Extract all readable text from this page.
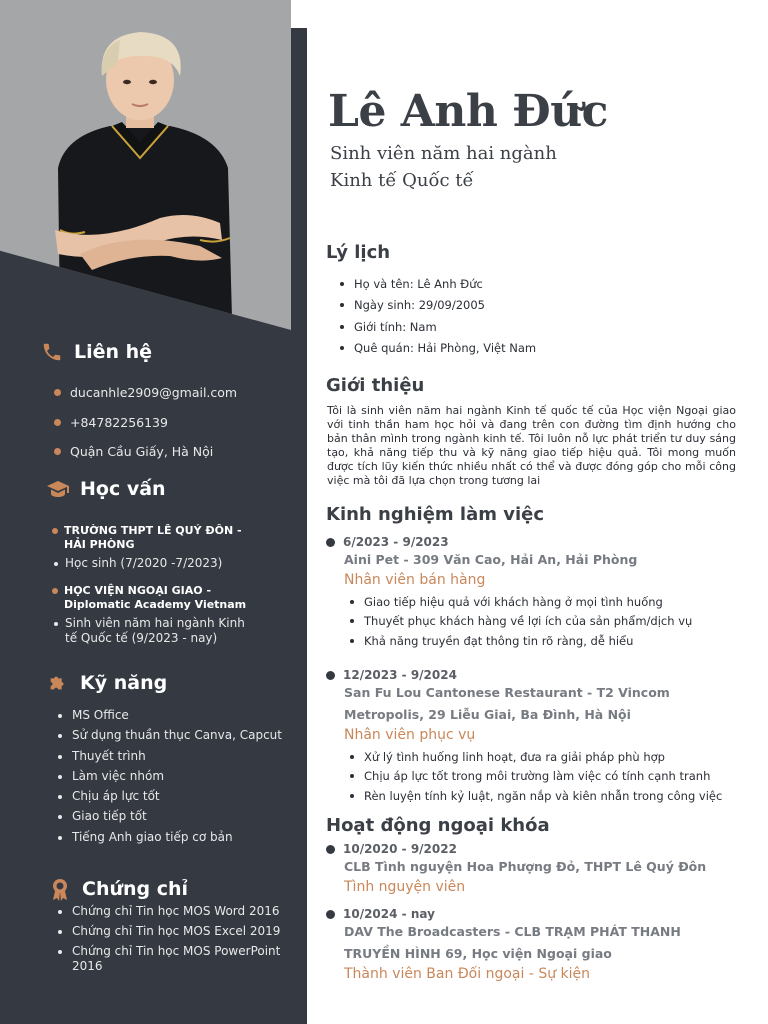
Liên hệ
ducanhle2909@gmail.com
+84782256139
Quận Cầu Giấy, Hà Nội
Học vấn
TRƯỜNG THPT LÊ QUÝ ĐÔN -
HẢI PHÒNG
Học sinh (7/2020 -7/2023)
HỌC VIỆN NGOẠI GIAO -
Diplomatic Academy Vietnam
Sinh viên năm hai ngành Kinh
tế Quốc tế (9/2023 - nay)
Kỹ năng
MS Office
Sử dụng thuần thục Canva, Capcut
Thuyết trình
Làm việc nhóm
Chịu áp lực tốt
Giao tiếp tốt
Tiếng Anh giao tiếp cơ bản
Chứng chỉ
Chứng chỉ Tin học MOS Word 2016
Chứng chỉ Tin học MOS Excel 2019
Chứng chỉ Tin học MOS PowerPoint
2016
Lê Anh Đức
Sinh viên năm hai ngành
Kinh tế Quốc tế
Lý lịch
Họ và tên: Lê Anh Đức
Ngày sinh: 29/09/2005
Giới tính: Nam
Quê quán: Hải Phòng, Việt Nam
Giới thiệu
Tôi là sinh viên năm hai ngành Kinh tế quốc tế của Học viện Ngoại giao với tinh thần ham học hỏi và đang trên con đường tìm định hướng cho bản thân mình trong ngành kinh tế. Tôi luôn nỗ lực phát triển tư duy sáng tạo, khả năng tiếp thu và kỹ năng giao tiếp hiệu quả. Tôi mong muốn được tích lũy kiến thức nhiều nhất có thể và được đóng góp cho mỗi công việc mà tôi đã lựa chọn trong tương lai
Kinh nghiệm làm việc
6/2023 - 9/2023
Aini Pet - 309 Văn Cao, Hải An, Hải Phòng
Nhân viên bán hàng
Giao tiếp hiệu quả với khách hàng ở mọi tình huống
Thuyết phục khách hàng về lợi ích của sản phẩm/dịch vụ
Khả năng truyền đạt thông tin rõ ràng, dễ hiểu
12/2023 - 9/2024
San Fu Lou Cantonese Restaurant - T2 Vincom
Metropolis, 29 Liễu Giai, Ba Đình, Hà Nội
Nhân viên phục vụ
Xử lý tình huống linh hoạt, đưa ra giải pháp phù hợp
Chịu áp lực tốt trong môi trường làm việc có tính cạnh tranh
Rèn luyện tính kỷ luật, ngăn nắp và kiên nhẫn trong công việc
Hoạt động ngoại khóa
10/2020 - 9/2022
CLB Tình nguyện Hoa Phượng Đỏ, THPT Lê Quý Đôn
Tình nguyện viên
10/2024 - nay
DAV The Broadcasters - CLB TRẠM PHÁT THANH
TRUYỀN HÌNH 69, Học viện Ngoại giao
Thành viên Ban Đối ngoại - Sự kiện
